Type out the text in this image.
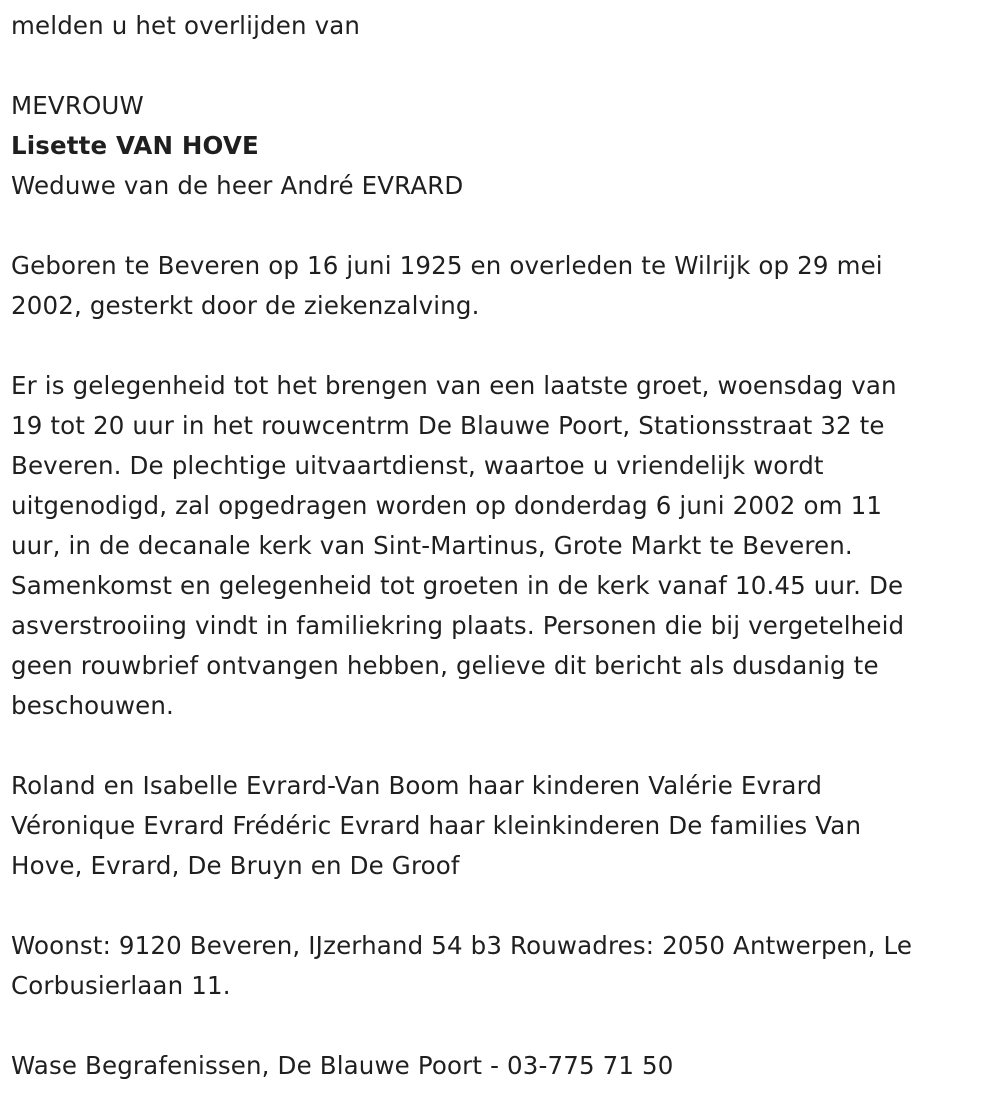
melden u het overlijden van
MEVROUW
Lisette VAN HOVE
Weduwe van de heer André EVRARD
Geboren te Beveren op 16 juni 1925 en overleden te Wilrijk op 29 mei
2002, gesterkt door de ziekenzalving.
Er is gelegenheid tot het brengen van een laatste groet, woensdag van
19 tot 20 uur in het rouwcentrm De Blauwe Poort, Stationsstraat 32 te
Beveren. De plechtige uitvaartdienst, waartoe u vriendelijk wordt
uitgenodigd, zal opgedragen worden op donderdag 6 juni 2002 om 11
uur, in de decanale kerk van Sint-Martinus, Grote Markt te Beveren.
Samenkomst en gelegenheid tot groeten in de kerk vanaf 10.45 uur. De
asverstrooiing vindt in familiekring plaats. Personen die bij vergetelheid
geen rouwbrief ontvangen hebben, gelieve dit bericht als dusdanig te
beschouwen.
Roland en Isabelle Evrard-Van Boom haar kinderen Valérie Evrard
Véronique Evrard Frédéric Evrard haar kleinkinderen De families Van
Hove, Evrard, De Bruyn en De Groof
Woonst: 9120 Beveren, IJzerhand 54 b3 Rouwadres: 2050 Antwerpen, Le
Corbusierlaan 11.
Wase Begrafenissen, De Blauwe Poort - 03-775 71 50
